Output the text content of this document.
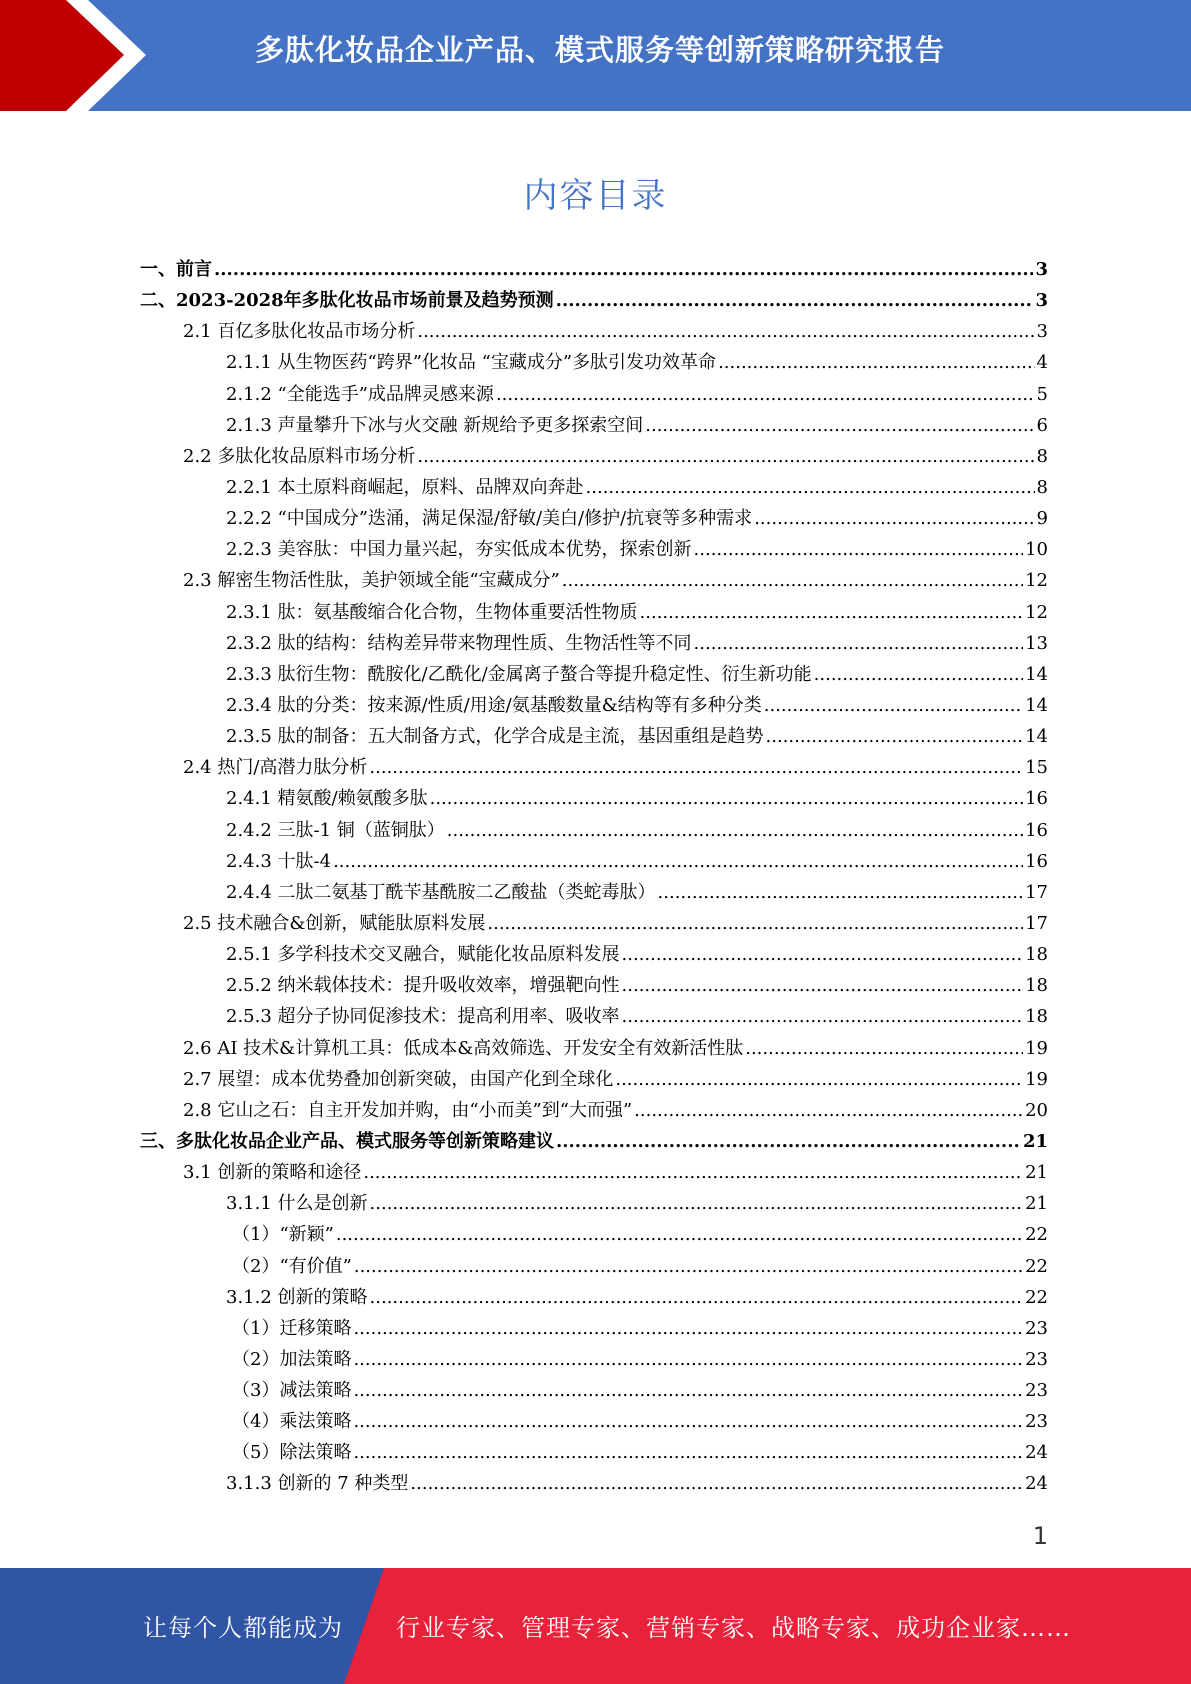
多肽化妆品企业产品、模式服务等创新策略研究报告
内容目录
一、前言 .....	3
二、2023-2028年多肽化妆品市场前景及趋势预测 .....	3
2.1 百亿多肽化妆品市场分析 .....	3
2.1.1 从生物医药“跨界”化妆品 “宝藏成分”多肽引发功效革命 .....	4
2.1.2 “全能选手”成品牌灵感来源 .....	5
2.1.3 声量攀升下冰与火交融 新规给予更多探索空间 .....	6
2.2 多肽化妆品原料市场分析 .....	8
2.2.1 本土原料商崛起，原料、品牌双向奔赴 .....	8
2.2.2 “中国成分”迭涌，满足保湿/舒敏/美白/修护/抗衰等多种需求 .....	9
2.2.3 美容肽：中国力量兴起，夯实低成本优势，探索创新 .....	10
2.3 解密生物活性肽，美护领域全能“宝藏成分” .....	12
2.3.1 肽：氨基酸缩合化合物，生物体重要活性物质 .....	12
2.3.2 肽的结构：结构差异带来物理性质、生物活性等不同 .....	13
2.3.3 肽衍生物：酰胺化/乙酰化/金属离子螯合等提升稳定性、衍生新功能 .....	14
2.3.4 肽的分类：按来源/性质/用途/氨基酸数量&结构等有多种分类 .....	14
2.3.5 肽的制备：五大制备方式，化学合成是主流，基因重组是趋势 .....	14
2.4 热门/高潜力肽分析 .....	15
2.4.1 精氨酸/赖氨酸多肽 .....	16
2.4.2 三肽-1 铜（蓝铜肽） .....	16
2.4.3 十肽-4 .....	16
2.4.4 二肽二氨基丁酰苄基酰胺二乙酸盐（类蛇毒肽） .....	17
2.5 技术融合&创新，赋能肽原料发展 .....	17
2.5.1 多学科技术交叉融合，赋能化妆品原料发展 .....	18
2.5.2 纳米载体技术：提升吸收效率，增强靶向性 .....	18
2.5.3 超分子协同促渗技术：提高利用率、吸收率 .....	18
2.6 AI 技术&计算机工具：低成本&高效筛选、开发安全有效新活性肽 .....	19
2.7 展望：成本优势叠加创新突破，由国产化到全球化 .....	19
2.8 它山之石：自主开发加并购，由“小而美”到“大而强” .....	20
三、多肽化妆品企业产品、模式服务等创新策略建议 .....	21
3.1 创新的策略和途径 .....	21
3.1.1 什么是创新 .....	21
（1）“新颖” .....	22
（2）“有价值” .....	22
3.1.2 创新的策略 .....	22
（1）迁移策略 .....	23
（2）加法策略 .....	23
（3）减法策略 .....	23
（4）乘法策略 .....	23
（5）除法策略 .....	24
3.1.3 创新的 7 种类型 .....	24
1
让每个人都能成为 行业专家、管理专家、营销专家、战略专家、成功企业家……
